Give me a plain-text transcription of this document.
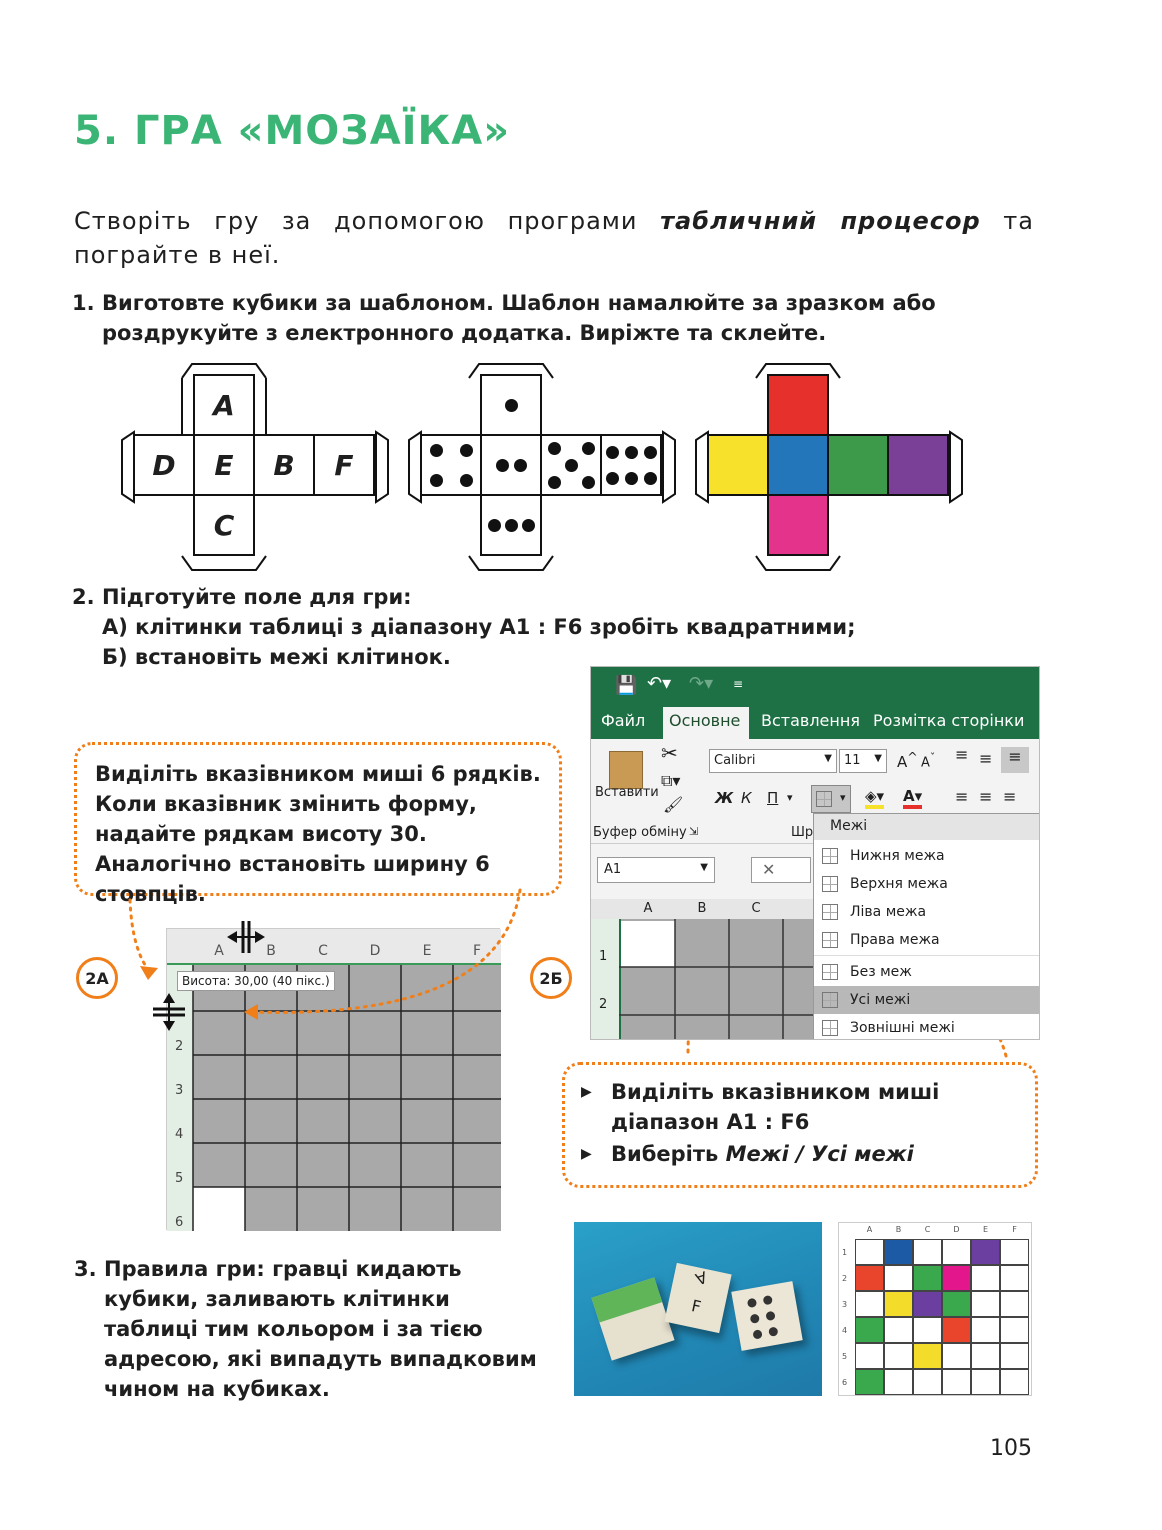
5. ГРА «МОЗАЇКА»
Створіть гру за допомогою програми табличний процесор та пограйте в неї.
1. Виготовте кубики за шаблоном. Шаблон намалюйте за зразком або роздрукуйте з електронного додатка. Виріжте та склейте.
A
D	E	B	F
C
2. Підготуйте поле для гри:
А) клітинки таблиці з діапазону A1 : F6 зробіть квадратними;
Б) встановіть межі клітинок.
Виділіть вказівником миші 6 рядків. Коли вказівник змінить форму, надайте рядкам висоту 30. Аналогічно встановіть ширину 6 стовпців.
2А	2Б
A	B	C	D	E	F
2
3
4
5
6
Висота: 30,00 (40 пікс.)
💾 ↶▾ ↷▾ ≡
Файл	Основне	Вставлення Розмітка сторінки
✂
⧉▾
🖌
Вставити
Буфер обміну ⇲
Calibri	▼ 11 ▼ A^ $A^ˇ$ ≡ ≡ ≡
Ж К П ▾	▾ ◈▾ A▾ ≡ ≡ ≡
Шр
A1	▼	✕
A	B	C
1
2
Межі
Нижня межа
Верхня межа
Ліва межа
Права межа
Без меж
Усі межі
Зовнішні межі
▶ Виділіть вказівником миші діапазон A1 : F6
▶ Виберіть Межі / Усі межі
3. Правила гри: гравці кидають кубики, заливають клітинки таблиці тим кольором і за тією адресою, які випадуть випадковим чином на кубиках.
A
F
A	B	C	D	E	F
1
2
3
4
5
6
105
